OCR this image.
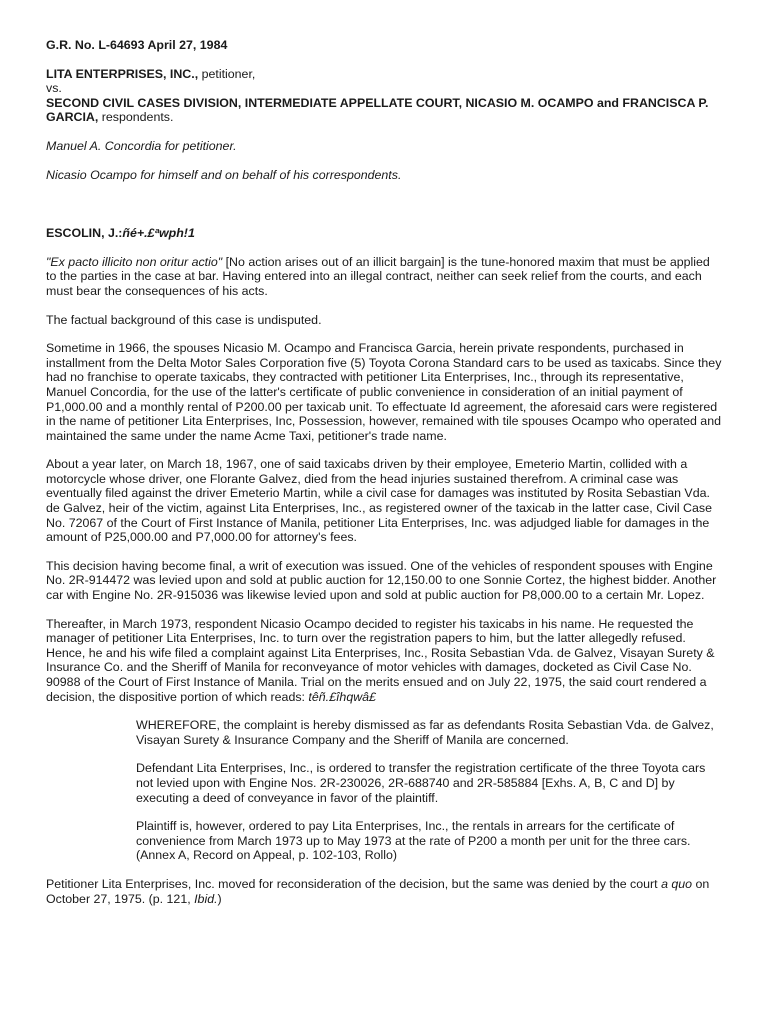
G.R. No. L-64693 April 27, 1984

LITA ENTERPRISES, INC., petitioner,

vs.

SECOND CIVIL CASES DIVISION, INTERMEDIATE APPELLATE COURT, NICASIO M. OCAMPO and FRANCISCA P. GARCIA, respondents.

Manuel A. Concordia for petitioner.

Nicasio Ocampo for himself and on behalf of his correspondents.

ESCOLIN, J.:ñé+.£ªwph!1

"Ex pacto illicito non oritur actio" [No action arises out of an illicit bargain] is the tune-honored maxim that must be applied to the parties in the case at bar. Having entered into an illegal contract, neither can seek relief from the courts, and each must bear the consequences of his acts.

The factual background of this case is undisputed.

Sometime in 1966, the spouses Nicasio M. Ocampo and Francisca Garcia, herein private respondents, purchased in installment from the Delta Motor Sales Corporation five (5) Toyota Corona Standard cars to be used as taxicabs. Since they had no franchise to operate taxicabs, they contracted with petitioner Lita Enterprises, Inc., through its representative, Manuel Concordia, for the use of the latter's certificate of public convenience in consideration of an initial payment of P1,000.00 and a monthly rental of P200.00 per taxicab unit. To effectuate Id agreement, the aforesaid cars were registered in the name of petitioner Lita Enterprises, Inc, Possession, however, remained with tile spouses Ocampo who operated and maintained the same under the name Acme Taxi, petitioner's trade name.

About a year later, on March 18, 1967, one of said taxicabs driven by their employee, Emeterio Martin, collided with a motorcycle whose driver, one Florante Galvez, died from the head injuries sustained therefrom. A criminal case was eventually filed against the driver Emeterio Martin, while a civil case for damages was instituted by Rosita Sebastian Vda. de Galvez, heir of the victim, against Lita Enterprises, Inc., as registered owner of the taxicab in the latter case, Civil Case No. 72067 of the Court of First Instance of Manila, petitioner Lita Enterprises, Inc. was adjudged liable for damages in the amount of P25,000.00 and P7,000.00 for attorney's fees.

This decision having become final, a writ of execution was issued. One of the vehicles of respondent spouses with Engine No. 2R-914472 was levied upon and sold at public auction for 12,150.00 to one Sonnie Cortez, the highest bidder. Another car with Engine No. 2R-915036 was likewise levied upon and sold at public auction for P8,000.00 to a certain Mr. Lopez.

Thereafter, in March 1973, respondent Nicasio Ocampo decided to register his taxicabs in his name. He requested the manager of petitioner Lita Enterprises, Inc. to turn over the registration papers to him, but the latter allegedly refused. Hence, he and his wife filed a complaint against Lita Enterprises, Inc., Rosita Sebastian Vda. de Galvez, Visayan Surety & Insurance Co. and the Sheriff of Manila for reconveyance of motor vehicles with damages, docketed as Civil Case No. 90988 of the Court of First Instance of Manila. Trial on the merits ensued and on July 22, 1975, the said court rendered a decision, the dispositive portion of which reads: têñ.£îhqwâ£

WHEREFORE, the complaint is hereby dismissed as far as defendants Rosita Sebastian Vda. de Galvez, Visayan Surety & Insurance Company and the Sheriff of Manila are concerned.

Defendant Lita Enterprises, Inc., is ordered to transfer the registration certificate of the three Toyota cars not levied upon with Engine Nos. 2R-230026, 2R-688740 and 2R-585884 [Exhs. A, B, C and D] by executing a deed of conveyance in favor of the plaintiff.

Plaintiff is, however, ordered to pay Lita Enterprises, Inc., the rentals in arrears for the certificate of convenience from March 1973 up to May 1973 at the rate of P200 a month per unit for the three cars. (Annex A, Record on Appeal, p. 102-103, Rollo)

Petitioner Lita Enterprises, Inc. moved for reconsideration of the decision, but the same was denied by the court a quo on October 27, 1975. (p. 121, Ibid.)
